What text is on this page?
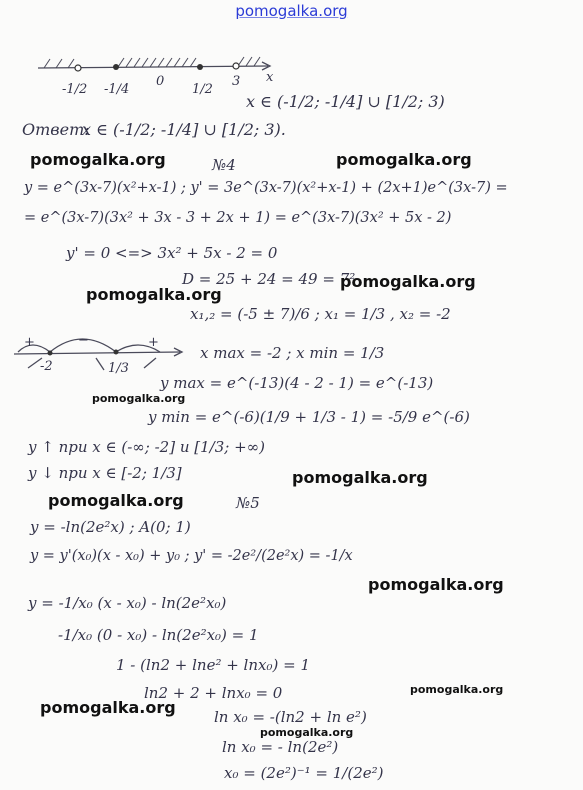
pomogalka.org
-1/2 -1/4
0
1/2
3 x
x ∈ (-1/2; -1/4] ∪ [1/2; 3)
Ответ:
x ∈ (-1/2; -1/4] ∪ [1/2; 3).
pomogalka.org	pomogalka.org
№4
y = e^(3x-7)(x²+x-1) ; y' = 3e^(3x-7)(x²+x-1) + (2x+1)e^(3x-7) =
= e^(3x-7)(3x² + 3x - 3 + 2x + 1) = e^(3x-7)(3x² + 5x - 2)
y' = 0 <=> 3x² + 5x - 2 = 0
D = 25 + 24 = 49 = 7²
pomogalka.org
pomogalka.org
x₁,₂ = (-5 ± 7)/6 ; x₁ = 1/3 , x₂ = -2
+	−	+
-2	1/3
x max = -2 ; x min = 1/3
y max = e^(-13)(4 - 2 - 1) = e^(-13)
pomogalka.org
y min = e^(-6)(1/9 + 1/3 - 1) = -5/9 e^(-6)
y ↑ при x ∈ (-∞; -2] и [1/3; +∞)
y ↓ при x ∈ [-2; 1/3]	pomogalka.org
pomogalka.org	№5
y = -ln(2e²x) ; A(0; 1)
y = y'(x₀)(x - x₀) + y₀ ; y' = -2e²/(2e²x) = -1/x
pomogalka.org
y = -1/x₀ (x - x₀) - ln(2e²x₀)
-1/x₀ (0 - x₀) - ln(2e²x₀) = 1
1 - (ln2 + lne² + lnx₀) = 1
pomogalka.org
ln2 + 2 + lnx₀ = 0
pomogalka.org	ln x₀ = -(ln2 + ln e²)
pomogalka.org
ln x₀ = - ln(2e²)
x₀ = (2e²)⁻¹ = 1/(2e²)
